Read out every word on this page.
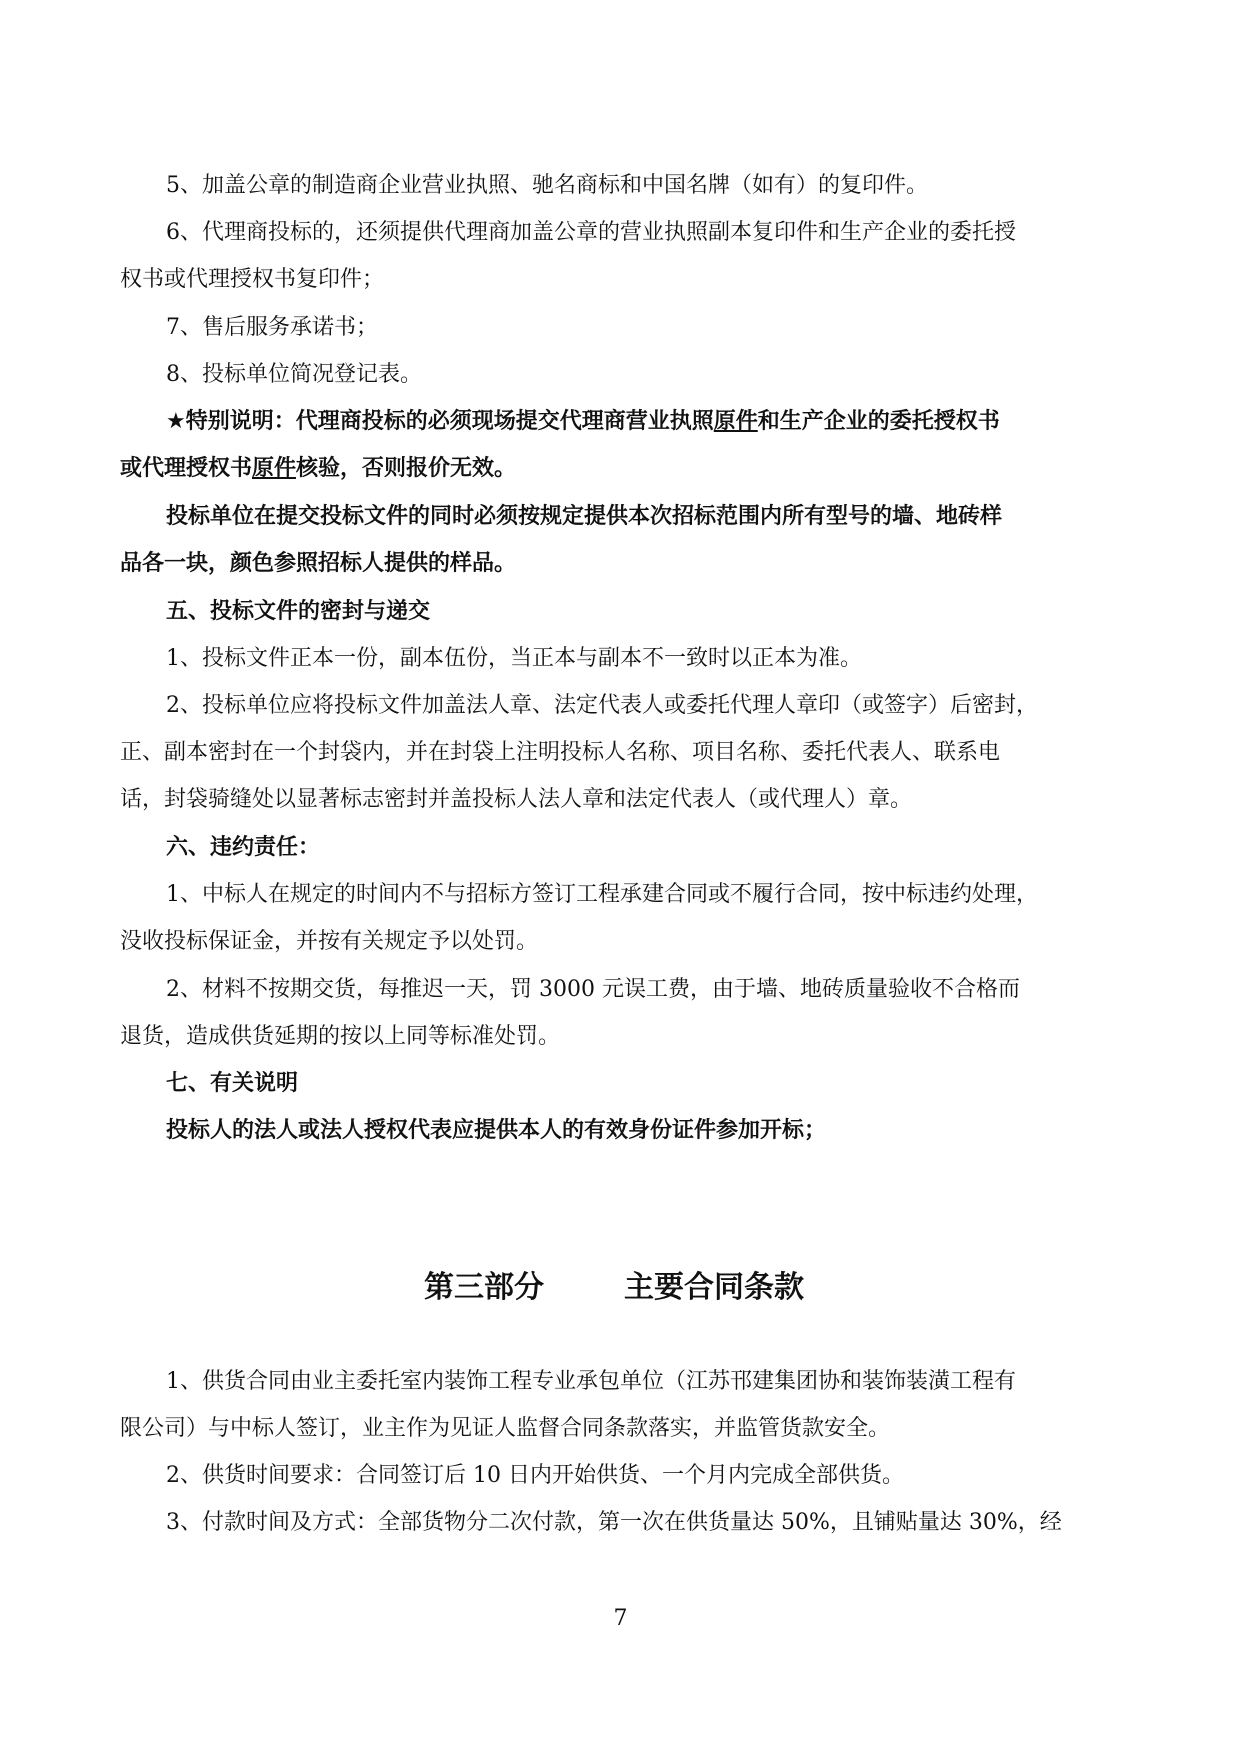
5、加盖公章的制造商企业营业执照、驰名商标和中国名牌（如有）的复印件。
6、代理商投标的，还须提供代理商加盖公章的营业执照副本复印件和生产企业的委托授
权书或代理授权书复印件；
7、售后服务承诺书；
8、投标单位简况登记表。
★特别说明：代理商投标的必须现场提交代理商营业执照原件和生产企业的委托授权书
或代理授权书原件核验，否则报价无效。
投标单位在提交投标文件的同时必须按规定提供本次招标范围内所有型号的墙、地砖样
品各一块，颜色参照招标人提供的样品。
五、投标文件的密封与递交
1、投标文件正本一份，副本伍份，当正本与副本不一致时以正本为准。
2、投标单位应将投标文件加盖法人章、法定代表人或委托代理人章印（或签字）后密封，
正、副本密封在一个封袋内，并在封袋上注明投标人名称、项目名称、委托代表人、联系电
话，封袋骑缝处以显著标志密封并盖投标人法人章和法定代表人（或代理人）章。
六、违约责任：
1、中标人在规定的时间内不与招标方签订工程承建合同或不履行合同，按中标违约处理，
没收投标保证金，并按有关规定予以处罚。
2、材料不按期交货，每推迟一天，罚 3000 元误工费，由于墙、地砖质量验收不合格而
退货，造成供货延期的按以上同等标准处罚。
七、有关说明
投标人的法人或法人授权代表应提供本人的有效身份证件参加开标；
第三部分	主要合同条款
1、供货合同由业主委托室内装饰工程专业承包单位（江苏邗建集团协和装饰装潢工程有
限公司）与中标人签订，业主作为见证人监督合同条款落实，并监管货款安全。
2、供货时间要求：合同签订后 10 日内开始供货、一个月内完成全部供货。
3、付款时间及方式：全部货物分二次付款，第一次在供货量达 50%，且铺贴量达 30%，经
7
